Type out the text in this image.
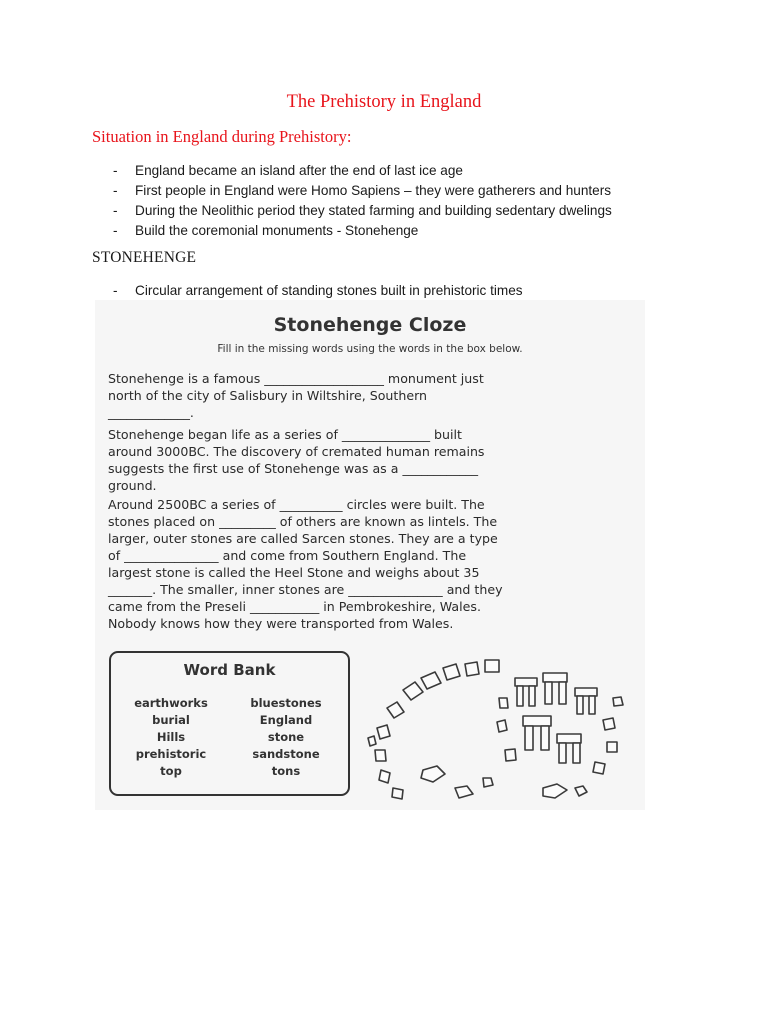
The Prehistory in England
Situation in England during Prehistory:
- England became an island after the end of last ice age
- First people in England were Homo Sapiens – they were gatherers and hunters
- During the Neolithic period they stated farming and building sedentary dwelings
- Build the coremonial monuments - Stonehenge
STONEHENGE
- Circular arrangement of standing stones built in prehistoric times
Stonehenge Cloze
Fill in the missing words using the words in the box below.
Stonehenge is a famous ___________________ monument just
north of the city of Salisbury in Wiltshire, Southern
_____________.
Stonehenge began life as a series of ______________ built
around 3000BC. The discovery of cremated human remains
suggests the first use of Stonehenge was as a ____________
ground.
Around 2500BC a series of __________ circles were built. The
stones placed on _________ of others are known as lintels. The
larger, outer stones are called Sarcen stones. They are a type
of _______________ and come from Southern England. The
largest stone is called the Heel Stone and weighs about 35
_______. The smaller, inner stones are _______________ and they
came from the Preseli ___________ in Pembrokeshire, Wales.
Nobody knows how they were transported from Wales.
Word Bank
earthworks
burial
Hills
prehistoric
top
bluestones
England
stone
sandstone
tons
